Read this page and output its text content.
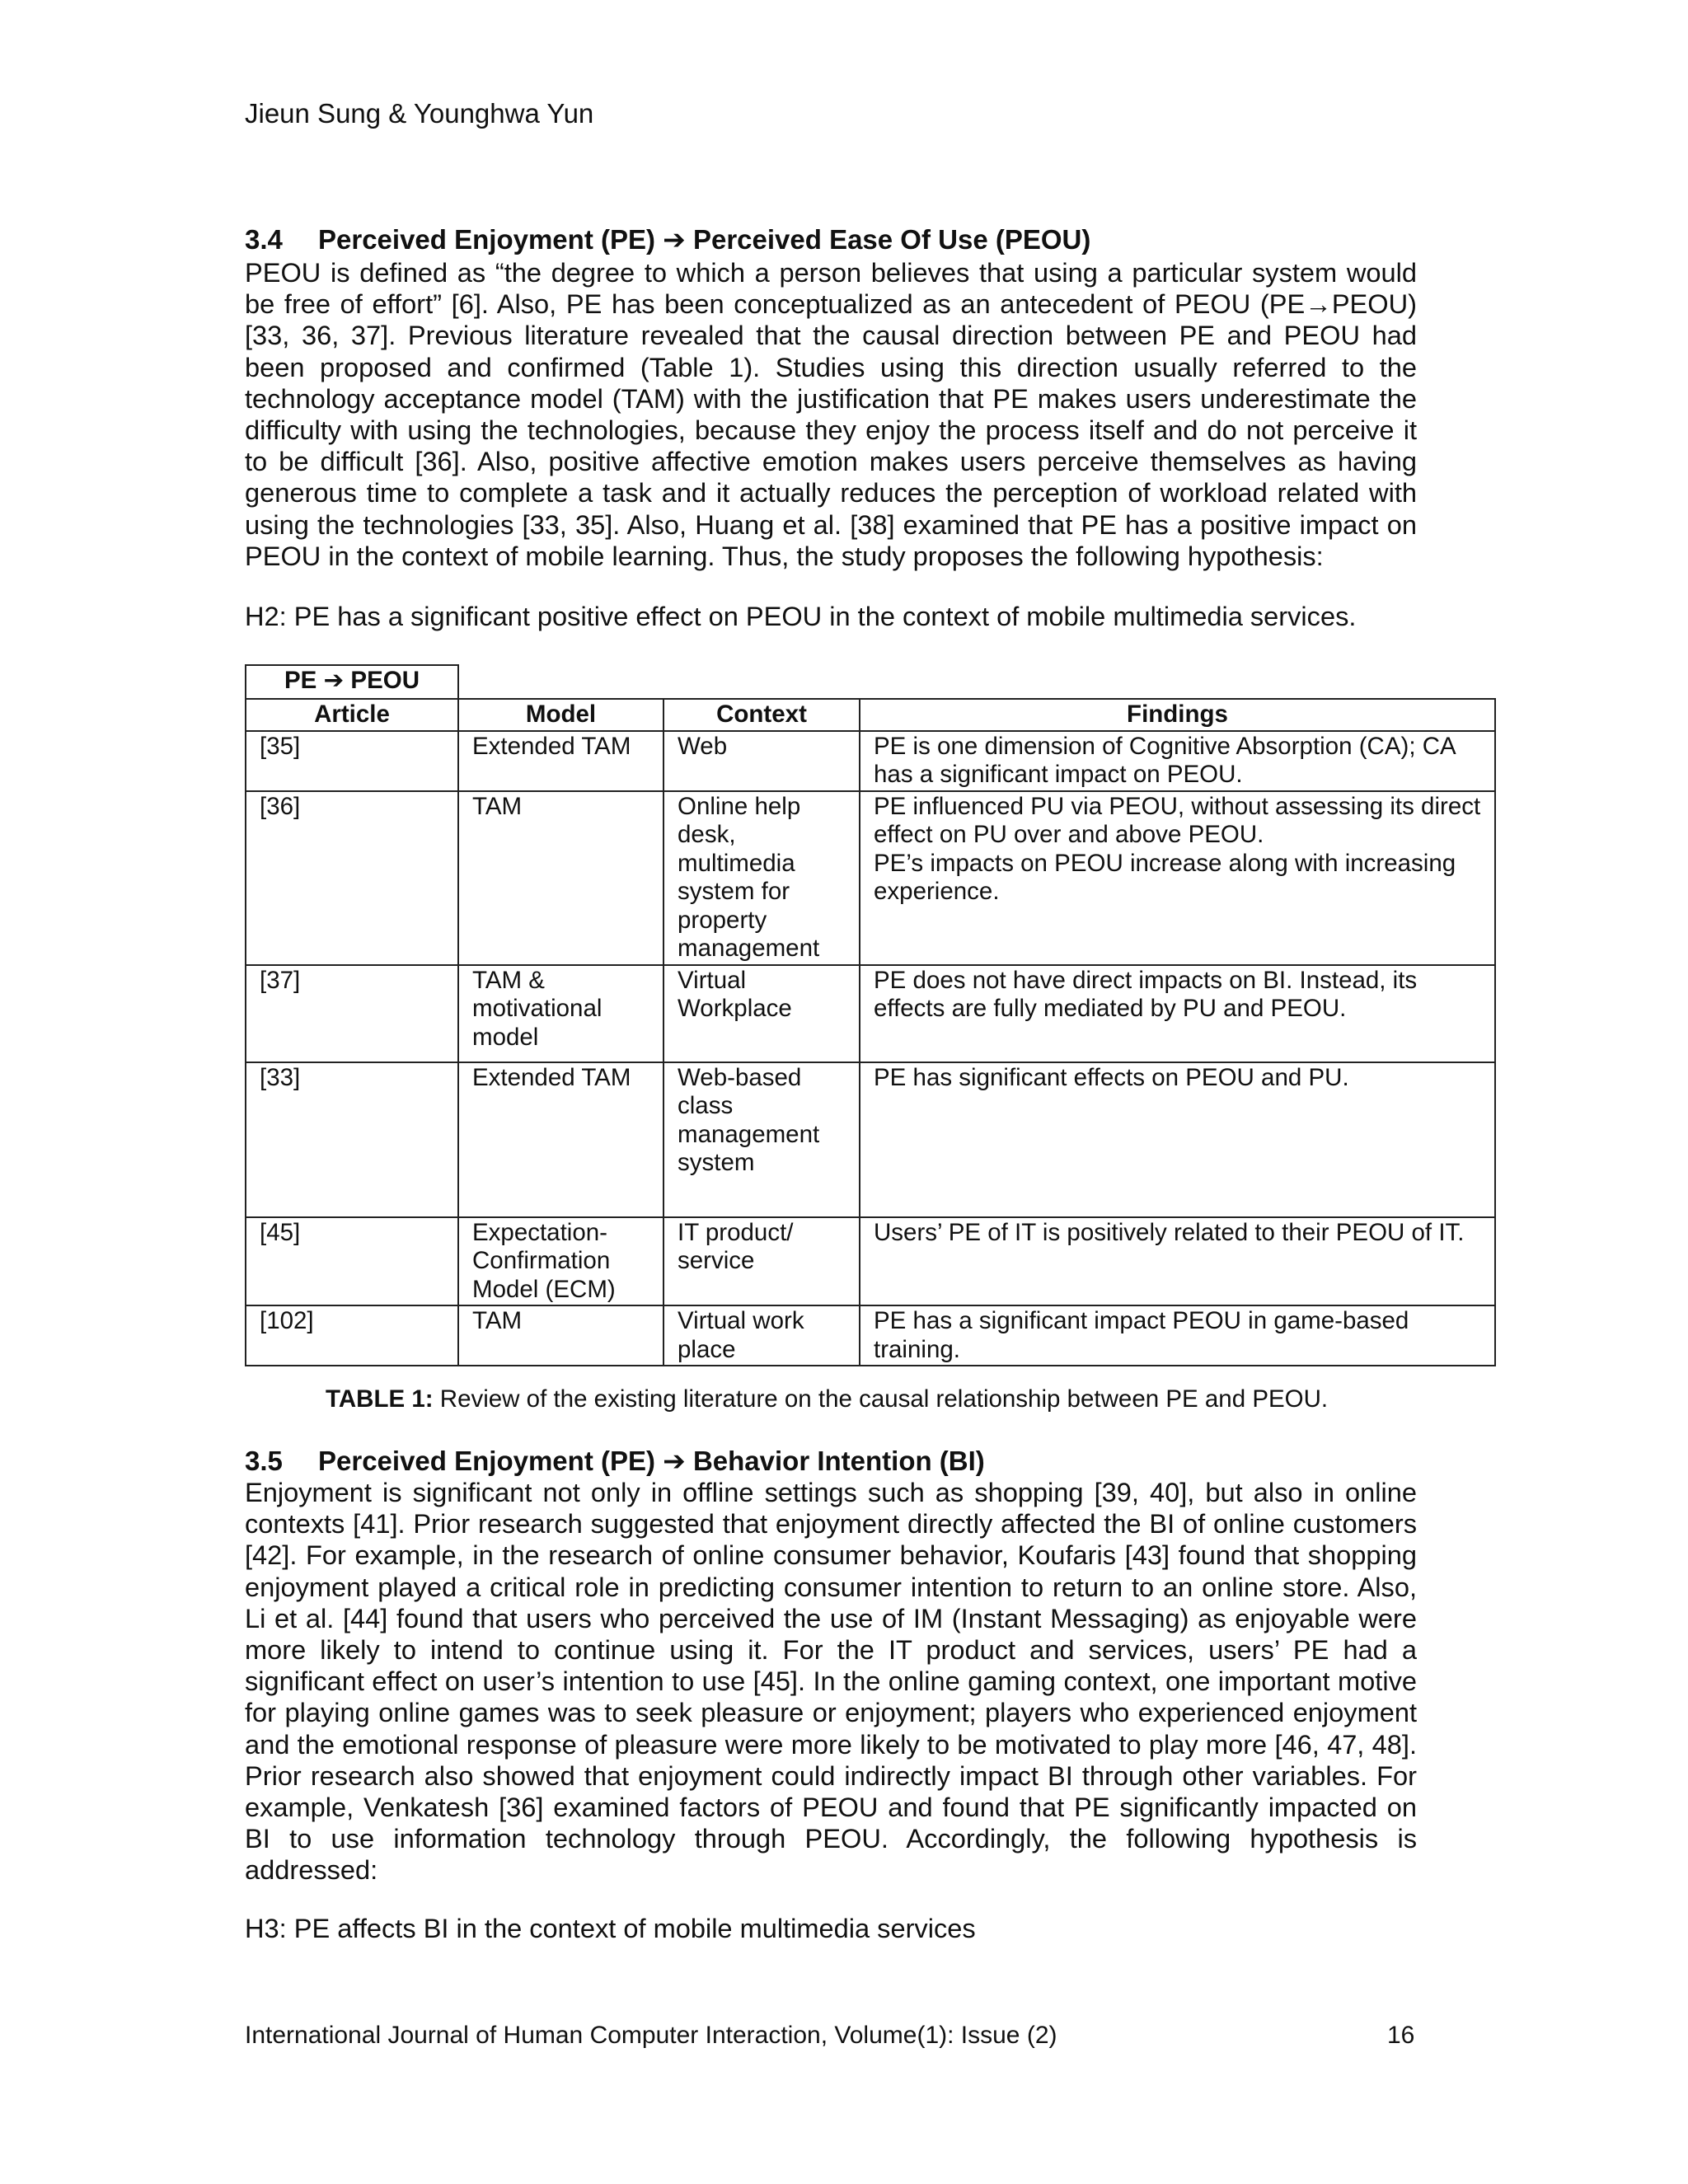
Jieun Sung & Younghwa Yun
3.4 Perceived Enjoyment (PE) ➔ Perceived Ease Of Use (PEOU)

PEOU is defined as “the degree to which a person believes that using a particular system would be free of effort” [6]. Also, PE has been conceptualized as an antecedent of PEOU (PE→PEOU) [33, 36, 37]. Previous literature revealed that the causal direction between PE and PEOU had been proposed and confirmed (Table 1). Studies using this direction usually referred to the technology acceptance model (TAM) with the justification that PE makes users underestimate the difficulty with using the technologies, because they enjoy the process itself and do not perceive it to be difficult [36]. Also, positive affective emotion makes users perceive themselves as having generous time to complete a task and it actually reduces the perception of workload related with using the technologies [33, 35]. Also, Huang et al. [38] examined that PE has a positive impact on PEOU in the context of mobile learning. Thus, the study proposes the following hypothesis:

H2: PE has a significant positive effect on PEOU in the context of mobile multimedia services.
PE ➔ PEOU			
Article	Model	Context	Findings
[35]	Extended TAM	Web	PE is one dimension of Cognitive Absorption (CA); CA has a significant impact on PEOU.
[36]	TAM	Online help desk, multimedia system for property management	PE influenced PU via PEOU, without assessing its direct effect on PU over and above PEOU.
PE’s impacts on PEOU increase along with increasing experience.

[37]	TAM & motivational model	Virtual Workplace	PE does not have direct impacts on BI. Instead, its effects are fully mediated by PU and PEOU.
[33]	Extended TAM	Web-based class management system	PE has significant effects on PEOU and PU.
[45]	Expectation-Confirmation Model (ECM)	IT product/ service	Users’ PE of IT is positively related to their PEOU of IT.
[102]	TAM	Virtual work place	PE has a significant impact PEOU in game-based training.
TABLE 1: Review of the existing literature on the causal relationship between PE and PEOU.
3.5 Perceived Enjoyment (PE) ➔ Behavior Intention (BI)

Enjoyment is significant not only in offline settings such as shopping [39, 40], but also in online contexts [41]. Prior research suggested that enjoyment directly affected the BI of online customers [42]. For example, in the research of online consumer behavior, Koufaris [43] found that shopping enjoyment played a critical role in predicting consumer intention to return to an online store. Also, Li et al. [44] found that users who perceived the use of IM (Instant Messaging) as enjoyable were more likely to intend to continue using it. For the IT product and services, users’ PE had a significant effect on user’s intention to use [45]. In the online gaming context, one important motive for playing online games was to seek pleasure or enjoyment; players who experienced enjoyment and the emotional response of pleasure were more likely to be motivated to play more [46, 47, 48]. Prior research also showed that enjoyment could indirectly impact BI through other variables. For example, Venkatesh [36] examined factors of PEOU and found that PE significantly impacted on BI to use information technology through PEOU. Accordingly, the following hypothesis is addressed:

H3: PE affects BI in the context of mobile multimedia services
International Journal of Human Computer Interaction, Volume(1): Issue (2)	16
